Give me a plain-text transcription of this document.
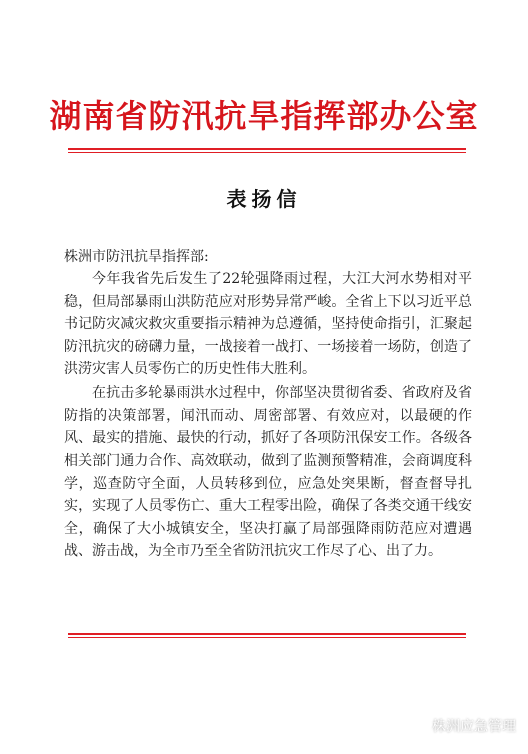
湖南省防汛抗旱指挥部办公室
表扬信
株洲市防汛抗旱指挥部:

今年我省先后发生了22轮强降雨过程，大江大河水势相对平稳，但局部暴雨山洪防范应对形势异常严峻。全省上下以习近平总书记防灾减灾救灾重要指示精神为总遵循，坚持使命指引，汇聚起防汛抗灾的磅礴力量，一战接着一战打、一场接着一场防，创造了洪涝灾害人员零伤亡的历史性伟大胜利。

在抗击多轮暴雨洪水过程中，你部坚决贯彻省委、省政府及省防指的决策部署，闻汛而动、周密部署、有效应对，以最硬的作风、最实的措施、最快的行动，抓好了各项防汛保安工作。各级各相关部门通力合作、高效联动，做到了监测预警精准，会商调度科学，巡查防守全面，人员转移到位，应急处突果断，督查督导扎实，实现了人员零伤亡、重大工程零出险，确保了各类交通干线安全，确保了大小城镇安全，坚决打赢了局部强降雨防范应对遭遇战、游击战，为全市乃至全省防汛抗灾工作尽了心、出了力。

株洲应急管理
